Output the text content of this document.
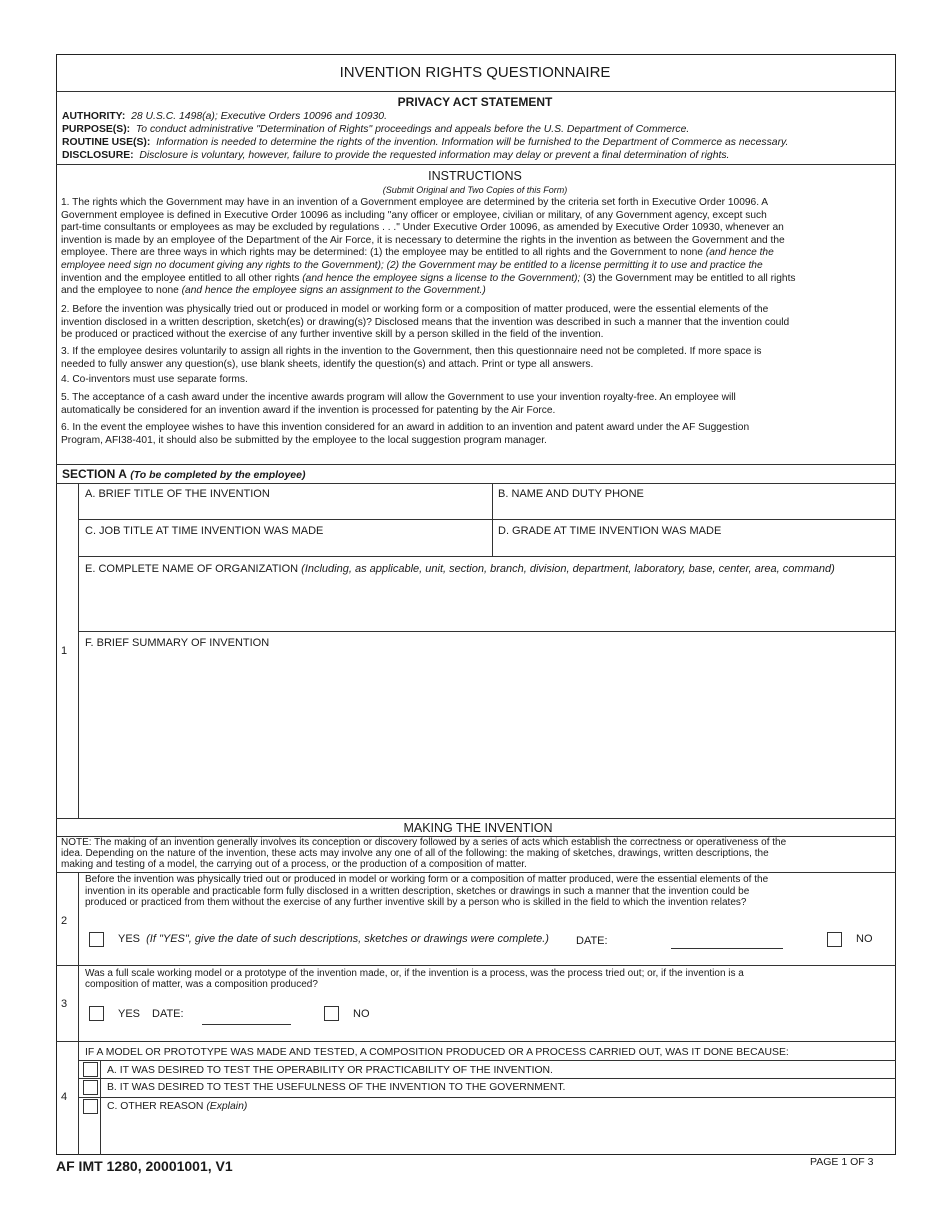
INVENTION RIGHTS QUESTIONNAIRE
PRIVACY ACT STATEMENT
AUTHORITY: 28 U.S.C. 1498(a); Executive Orders 10096 and 10930.
PURPOSE(S): To conduct administrative "Determination of Rights" proceedings and appeals before the U.S. Department of Commerce.
ROUTINE USE(S): Information is needed to determine the rights of the invention. Information will be furnished to the Department of Commerce as necessary.
DISCLOSURE: Disclosure is voluntary, however, failure to provide the requested information may delay or prevent a final determination of rights.
INSTRUCTIONS
(Submit Original and Two Copies of this Form)
1. The rights which the Government may have in an invention of a Government employee are determined by the criteria set forth in Executive Order 10096. A
Government employee is defined in Executive Order 10096 as including "any officer or employee, civilian or military, of any Government agency, except such
part-time consultants or employees as may be excluded by regulations . . ." Under Executive Order 10096, as amended by Executive Order 10930, whenever an
invention is made by an employee of the Department of the Air Force, it is necessary to determine the rights in the invention as between the Government and the
employee. There are three ways in which rights may be determined: (1) the employee may be entitled to all rights and the Government to none (and hence the
employee need sign no document giving any rights to the Government); (2) the Government may be entitled to a license permitting it to use and practice the
invention and the employee entitled to all other rights (and hence the employee signs a license to the Government); (3) the Government may be entitled to all rights
and the employee to none (and hence the employee signs an assignment to the Government.)
2. Before the invention was physically tried out or produced in model or working form or a composition of matter produced, were the essential elements of the
invention disclosed in a written description, sketch(es) or drawing(s)? Disclosed means that the invention was described in such a manner that the invention could
be produced or practiced without the exercise of any further inventive skill by a person skilled in the field of the invention.
3. If the employee desires voluntarily to assign all rights in the invention to the Government, then this questionnaire need not be completed. If more space is
needed to fully answer any question(s), use blank sheets, identify the question(s) and attach. Print or type all answers.
4. Co-inventors must use separate forms.
5. The acceptance of a cash award under the incentive awards program will allow the Government to use your invention royalty-free. An employee will
automatically be considered for an invention award if the invention is processed for patenting by the Air Force.
6. In the event the employee wishes to have this invention considered for an award in addition to an invention and patent award under the AF Suggestion
Program, AFI38-401, it should also be submitted by the employee to the local suggestion program manager.
SECTION A (To be completed by the employee)
1
A. BRIEF TITLE OF THE INVENTION	B. NAME AND DUTY PHONE
C. JOB TITLE AT TIME INVENTION WAS MADE	D. GRADE AT TIME INVENTION WAS MADE
E. COMPLETE NAME OF ORGANIZATION (Including, as applicable, unit, section, branch, division, department, laboratory, base, center, area, command)
F. BRIEF SUMMARY OF INVENTION
MAKING THE INVENTION
NOTE: The making of an invention generally involves its conception or discovery followed by a series of acts which establish the correctness or operativeness of the
idea. Depending on the nature of the invention, these acts may involve any one of all of the following: the making of sketches, drawings, written descriptions, the
making and testing of a model, the carrying out of a process, or the production of a composition of matter.
2
Before the invention was physically tried out or produced in model or working form or a composition of matter produced, were the essential elements of the
invention in its operable and practicable form fully disclosed in a written description, sketches or drawings in such a manner that the invention could be
produced or practiced from them without the exercise of any further inventive skill by a person who is skilled in the field to which the invention relates?
YES (If "YES", give the date of such descriptions, sketches or drawings were complete.) DATE:	NO
3
Was a full scale working model or a prototype of the invention made, or, if the invention is a process, was the process tried out; or, if the invention is a
composition of matter, was a composition produced?
YES DATE:	NO
4
IF A MODEL OR PROTOTYPE WAS MADE AND TESTED, A COMPOSITION PRODUCED OR A PROCESS CARRIED OUT, WAS IT DONE BECAUSE:
A. IT WAS DESIRED TO TEST THE OPERABILITY OR PRACTICABILITY OF THE INVENTION.
B. IT WAS DESIRED TO TEST THE USEFULNESS OF THE INVENTION TO THE GOVERNMENT.
C. OTHER REASON (Explain)
AF IMT 1280, 20001001, V1	PAGE 1 OF 3
